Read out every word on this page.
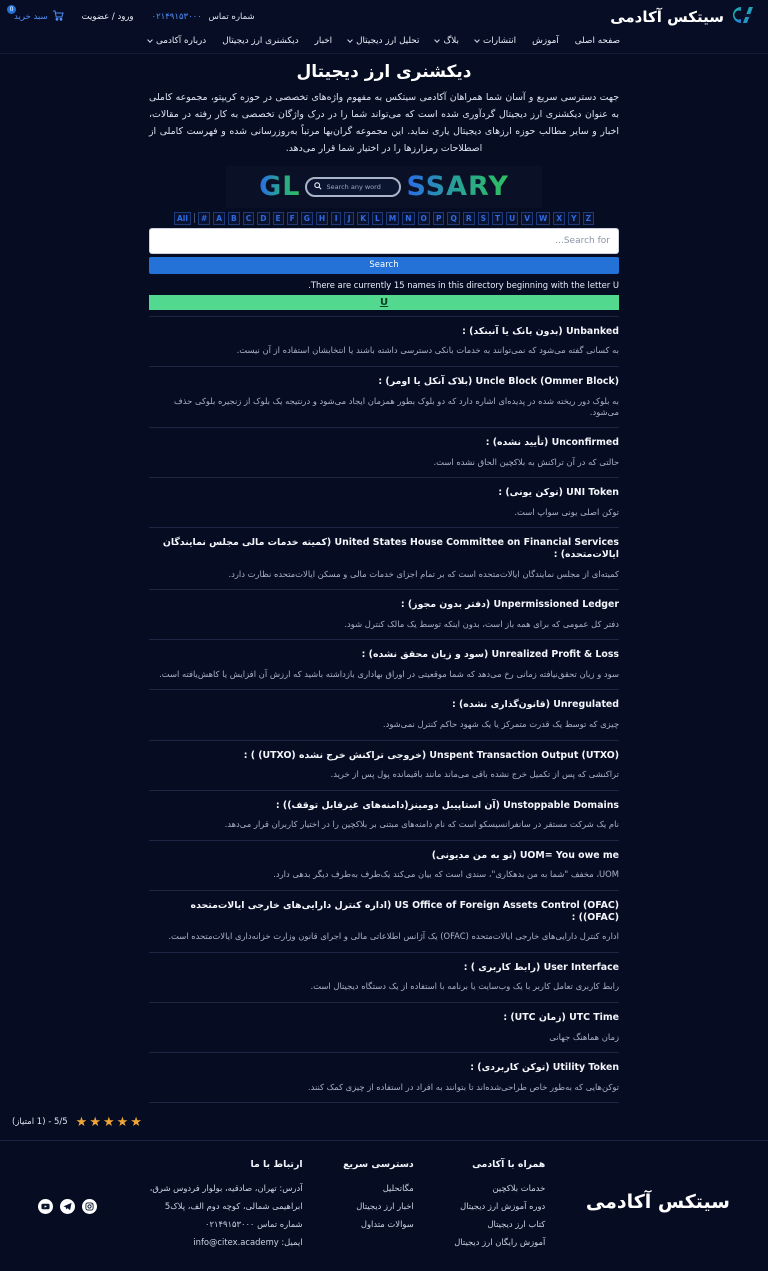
سیتکس آکادمی
شماره تماس ۰۲۱۴۹۱۵۳۰۰۰
ورود / عضویت
سبد خرید
0
صفحه اصلی
آموزش
انتشارات
بلاگ
تحلیل ارز دیجیتال
اخبار
دیکشنری ارز دیجیتال
درباره آکادمی
دیکشنری ارز دیجیتال

جهت دسترسی سریع و آسان شما همراهان آکادمی سیتکس به مفهوم واژه‌های تخصصی در حوزه کریپتو، مجموعه کاملی به عنوان دیکشنری ارز دیجیتال گردآوری شده است که می‌تواند شما را در درک واژگان تخصصی به کار رفته در مقالات، اخبار و سایر مطالب حوزه ارزهای دیجیتال یاری نماید. این مجموعه گران‌بها مرتباً به‌روزرسانی شده و فهرست کاملی از اصطلاحات رمزارزها را در اختیار شما قرار می‌دهد.

GL	Search any word SSARY
All	#	A	B	C	D	E	F	G	H	I	J	K	L	M	N	O	P	Q	R	S	T	U	V	W	X	Y	Z
Search for...
Search
There are currently 15 names in this directory beginning with the letter U.
U
Unbanked (بدون بانک یا آنبنکد) :

به کسانی گفته می‌شود که نمی‌توانند به خدمات بانکی دسترسی داشته باشند یا انتخابشان استفاده از آن نیست.

Uncle Block (Ommer Block) (بلاک آنکل یا اومر) :

به بلوک دور ریخته شده در پدیده‌ای اشاره دارد که دو بلوک بطور همزمان ایجاد می‌شود و درنتیجه یک بلوک از زنجیره بلوکی حذف می‌شود.

Unconfirmed (تأیید نشده) :

حالتی که در آن تراکنش به بلاکچین الحاق نشده است.

UNI Token (توکن یونی) :

توکن اصلی یونی سواپ است.

United States House Committee on Financial Services (کمیته خدمات مالی مجلس نمایندگان ایالات‌متحده) :

کمیته‌ای از مجلس نمایندگان ایالات‌متحده است که بر تمام اجزای خدمات مالی و مسکن ایالات‌متحده نظارت دارد.

Unpermissioned Ledger (دفتر بدون مجوز) :

دفتر کل عمومی که برای همه باز است، بدون اینکه توسط یک مالک کنترل شود.

Unrealized Profit & Loss (سود و زیان محقق نشده) :

سود و زیان تحقق‌نیافته زمانی رخ می‌دهد که شما موقعیتی در اوراق بهاداری بازداشته باشید که ارزش آن افزایش یا کاهش‌یافته است.

Unregulated (قانون‌گذاری نشده) :

چیزی که توسط یک قدرت متمرکز یا یک شهود حاکم کنترل نمی‌شود.

Unspent Transaction Output (UTXO) (خروجی تراکنش خرج نشده (UTXO) ) :

تراکنشی که پس از تکمیل خرج نشده باقی می‌ماند مانند باقیمانده پول پس از خرید.

Unstoppable Domains (آن استاپیبل دومینز(دامنه‌های غیرقابل توقف)) :

نام یک شرکت مستقر در سانفرانسیسکو است که نام دامنه‌های مبتنی بر بلاکچین را در اختیار کاربران قرار می‌دهد.

UOM= You owe me (تو به من مدیونی)

UOM، مخفف "شما به من بدهکاری"، سندی است که بیان می‌کند یک‌طرف به‌طرف دیگر بدهی دارد.

US Office of Foreign Assets Control (OFAC) (اداره کنترل دارایی‌های خارجی ایالات‌متحده (OFAC)) :

اداره کنترل دارایی‌های خارجی ایالات‌متحده (OFAC) یک آژانس اطلاعاتی مالی و اجرای قانون وزارت خزانه‌داری ایالات‌متحده است.

User Interface (رابط کاربری ) :

رابط کاربری تعامل کاربر با یک وب‌سایت یا برنامه با استفاده از یک دستگاه دیجیتال است.

UTC Time (زمان UTC) :

زمان هماهنگ جهانی

Utility Token (توکن کاربردی) :

توکن‌هایی که به‌طور خاص طراحی‌شده‌اند تا بتوانند به افراد در استفاده از چیزی کمک کنند.

★★★★★
5/5 - (1 امتیاز)
سیتکس آکادمی
همراه با آکادمی
خدمات بلاکچین
دوره آموزش ارز دیجیتال
کتاب ارز دیجیتال
آموزش رایگان ارز دیجیتال
دسترسی سریع
مگاتحلیل
اخبار ارز دیجیتال
سوالات متداول
ارتباط با ما
آدرس: تهران، صادقیه، بولوار فردوس شرق، ابراهیمی شمالی، کوچه دوم الف، پلاک5
شماره تماس ۰۲۱۴۹۱۵۳۰۰۰
ایمیل: info@citex.academy
